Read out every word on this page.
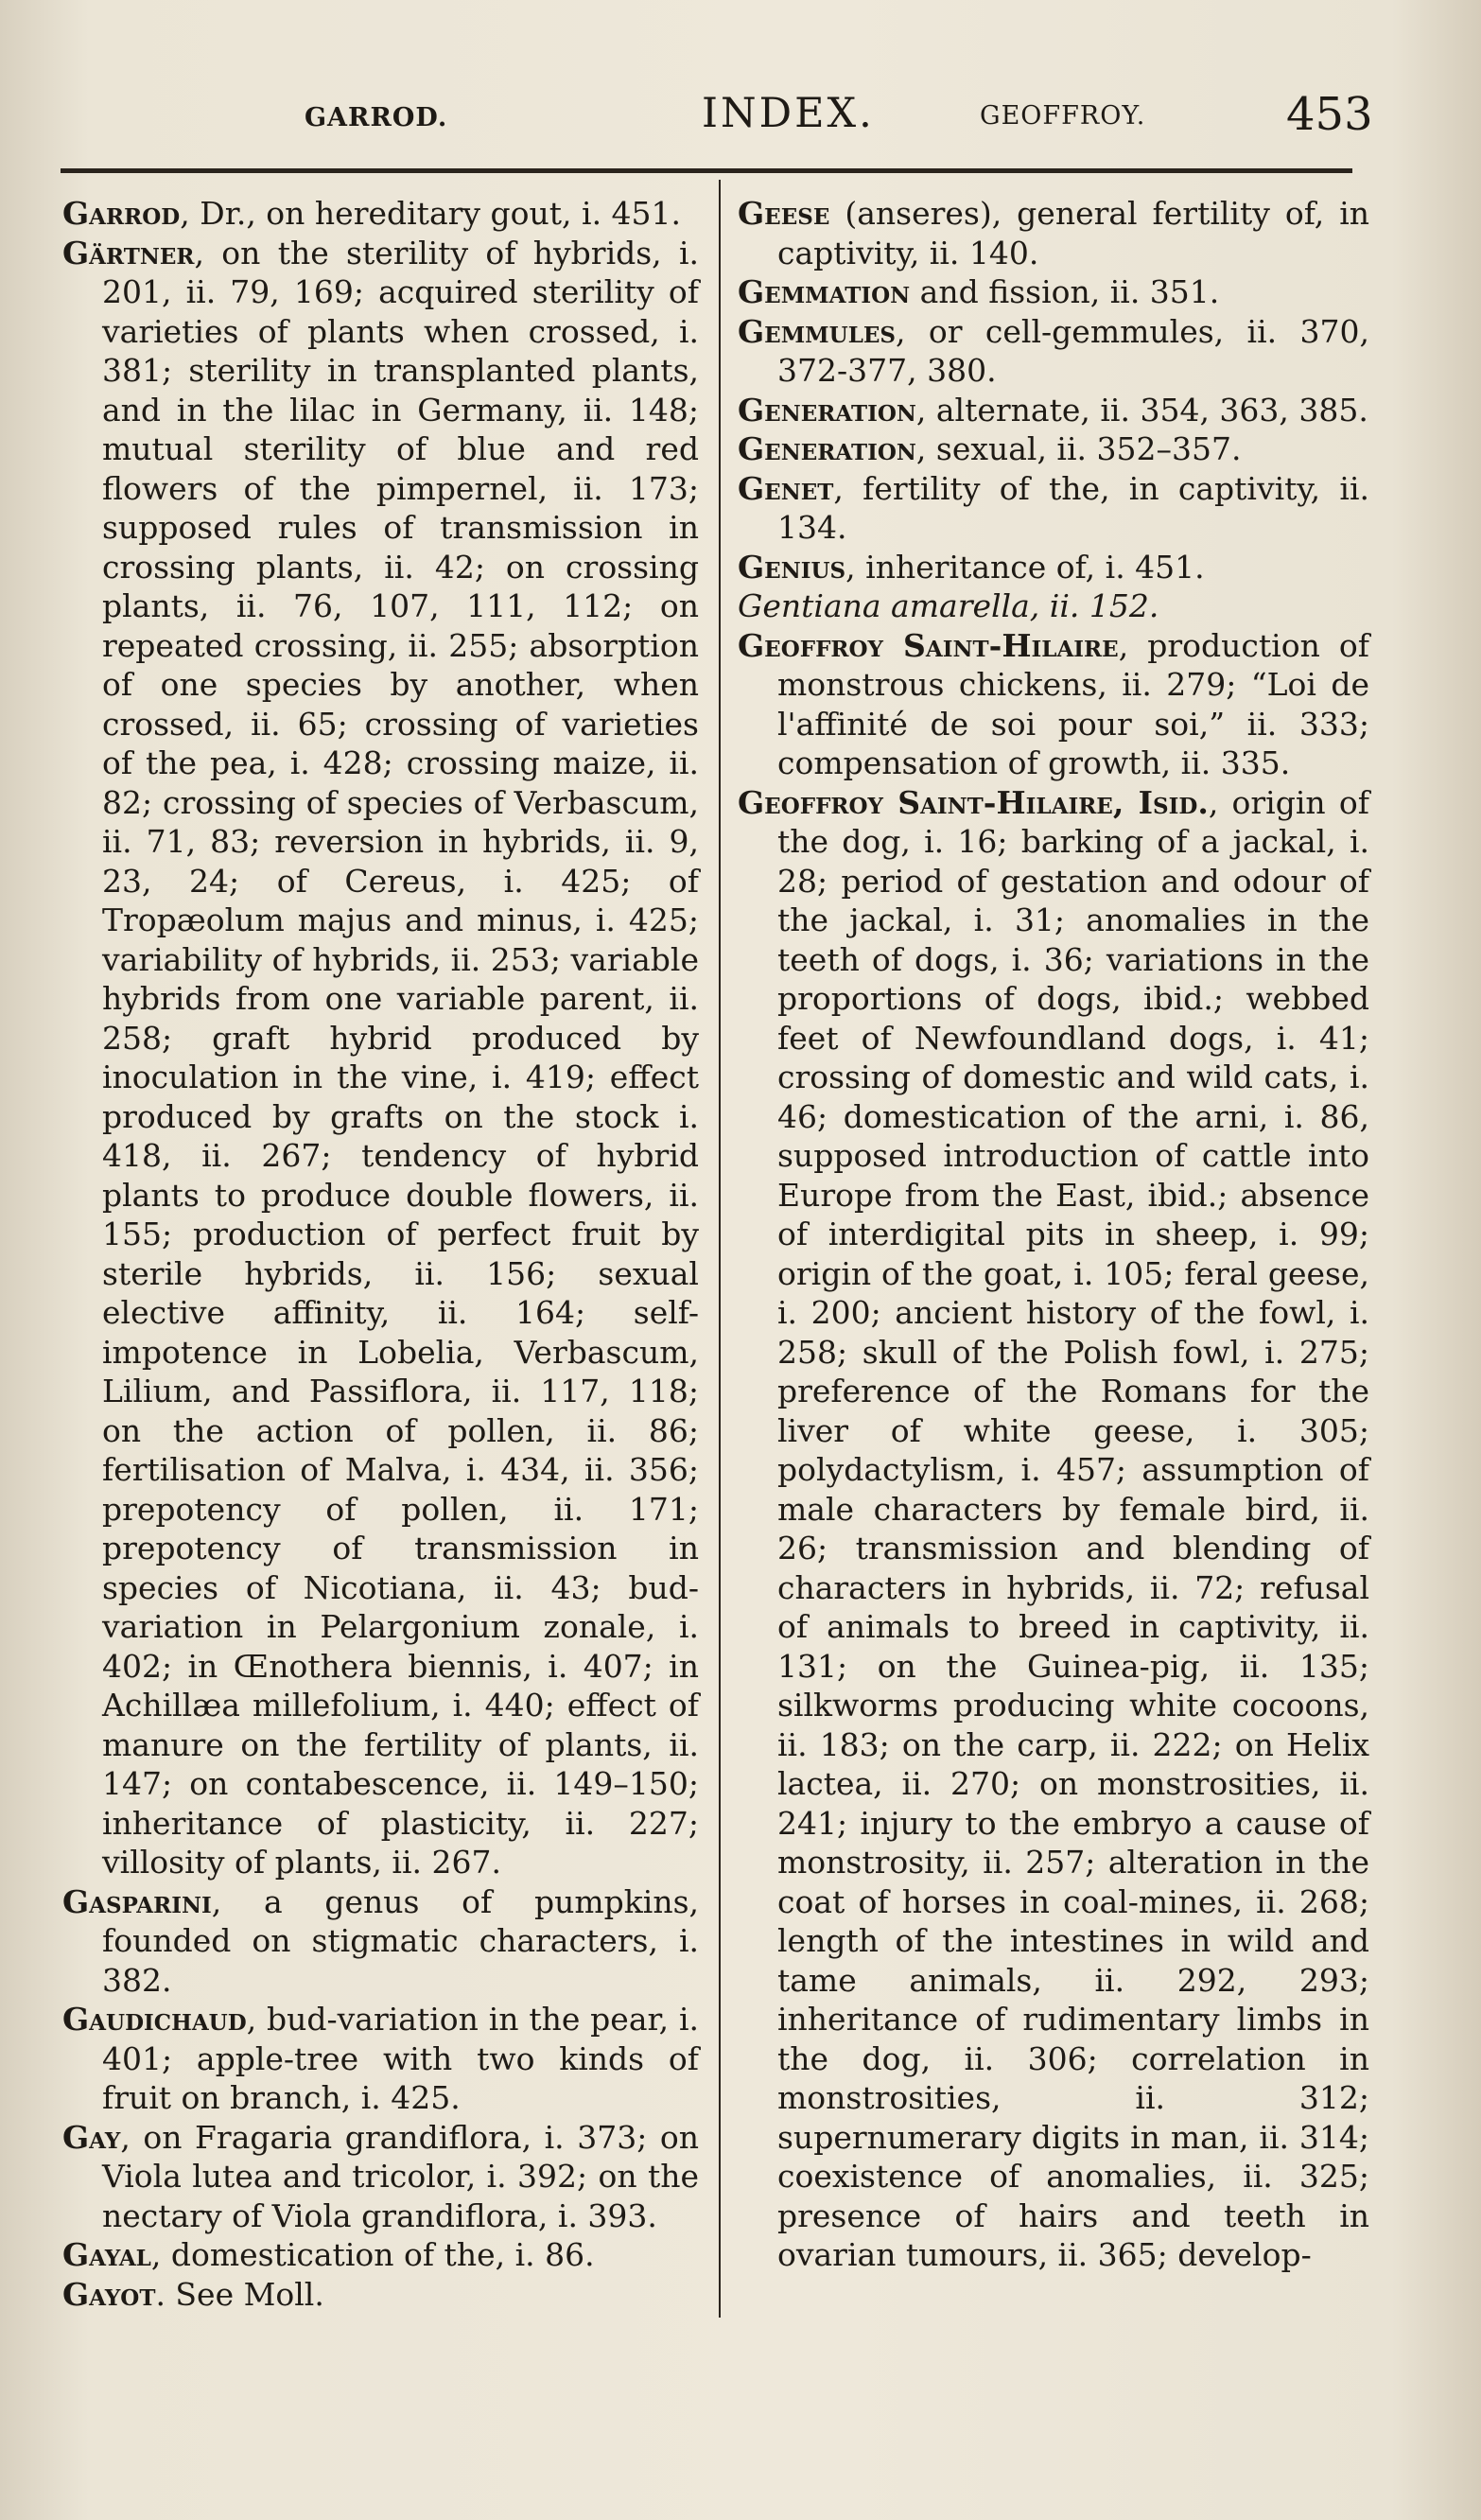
GARROD.	INDEX.	GEOFFROY.	453

Garrod, Dr., on hereditary gout, i. 451.

Gärtner, on the sterility of hybrids, i. 201, ii. 79, 169; acquired sterility of varieties of plants when crossed, i. 381; sterility in transplanted plants, and in the lilac in Germany, ii. 148; mutual sterility of blue and red flowers of the pimpernel, ii. 173; supposed rules of transmission in crossing plants, ii. 42; on crossing plants, ii. 76, 107, 111, 112; on repeated crossing, ii. 255; absorption of one species by another, when crossed, ii. 65; crossing of varieties of the pea, i. 428; crossing maize, ii. 82; crossing of species of Verbascum, ii. 71, 83; reversion in hybrids, ii. 9, 23, 24; of Cereus, i. 425; of Tropæolum majus and minus, i. 425; variability of hybrids, ii. 253; variable hybrids from one variable parent, ii. 258; graft hybrid produced by inoculation in the vine, i. 419; effect produced by grafts on the stock i. 418, ii. 267; tendency of hybrid plants to produce double flowers, ii. 155; production of perfect fruit by sterile hybrids, ii. 156; sexual elective affinity, ii. 164; self-impotence in Lobelia, Verbascum, Lilium, and Passiflora, ii. 117, 118; on the action of pollen, ii. 86; fertilisation of Malva, i. 434, ii. 356; prepotency of pollen, ii. 171; prepotency of transmission in species of Nicotiana, ii. 43; bud-variation in Pelargonium zonale, i. 402; in Œnothera biennis, i. 407; in Achillæa millefolium, i. 440; effect of manure on the fertility of plants, ii. 147; on contabescence, ii. 149–150; inheritance of plasticity, ii. 227; villosity of plants, ii. 267.

Gasparini, a genus of pumpkins, founded on stigmatic characters, i. 382.

Gaudichaud, bud-variation in the pear, i. 401; apple-tree with two kinds of fruit on branch, i. 425.

Gay, on Fragaria grandiflora, i. 373; on Viola lutea and tricolor, i. 392; on the nectary of Viola grandiflora, i. 393.

Gayal, domestication of the, i. 86.

Gayot. See Moll.

Geese (anseres), general fertility of, in captivity, ii. 140.

Gemmation and fission, ii. 351.

Gemmules, or cell-gemmules, ii. 370, 372-377, 380.

Generation, alternate, ii. 354, 363, 385.

Generation, sexual, ii. 352–357.

Genet, fertility of the, in captivity, ii. 134.

Genius, inheritance of, i. 451.

Gentiana amarella, ii. 152.

Geoffroy Saint-Hilaire, production of monstrous chickens, ii. 279; “Loi de l'affinité de soi pour soi,” ii. 333; compensation of growth, ii. 335.

Geoffroy Saint-Hilaire, Isid., origin of the dog, i. 16; barking of a jackal, i. 28; period of gestation and odour of the jackal, i. 31; anomalies in the teeth of dogs, i. 36; variations in the proportions of dogs, ibid.; webbed feet of Newfoundland dogs, i. 41; crossing of domestic and wild cats, i. 46; domestication of the arni, i. 86, supposed introduction of cattle into Europe from the East, ibid.; absence of interdigital pits in sheep, i. 99; origin of the goat, i. 105; feral geese, i. 200; ancient history of the fowl, i. 258; skull of the Polish fowl, i. 275; preference of the Romans for the liver of white geese, i. 305; polydactylism, i. 457; assumption of male characters by female bird, ii. 26; transmission and blending of characters in hybrids, ii. 72; refusal of animals to breed in captivity, ii. 131; on the Guinea-pig, ii. 135; silkworms producing white cocoons, ii. 183; on the carp, ii. 222; on Helix lactea, ii. 270; on monstrosities, ii. 241; injury to the embryo a cause of monstrosity, ii. 257; alteration in the coat of horses in coal-mines, ii. 268; length of the intestines in wild and tame animals, ii. 292, 293; inheritance of rudimentary limbs in the dog, ii. 306; correlation in monstrosities, ii. 312; supernumerary digits in man, ii. 314; coexistence of anomalies, ii. 325; presence of hairs and teeth in ovarian tumours, ii. 365; develop-
